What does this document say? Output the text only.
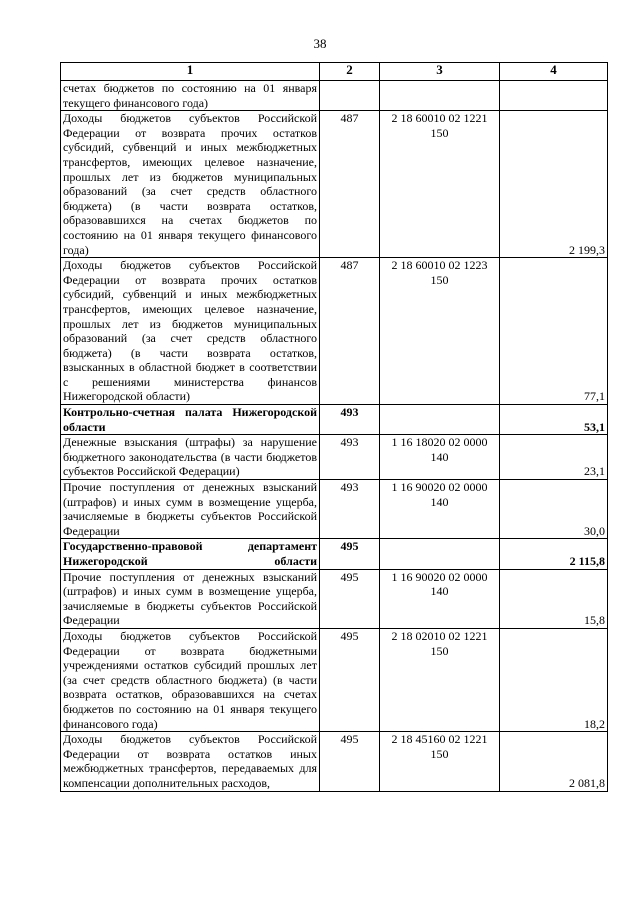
38
1	2	3	4
счетах бюджетов по состоянию на 01 января текущего финансового года)			
Доходы бюджетов субъектов Российской Федерации от возврата прочих остатков субсидий, субвенций и иных межбюджетных трансфертов, имеющих целевое назначение, прошлых лет из бюджетов муниципальных образований (за счет средств областного бюджета) (в части возврата остатков, образовавшихся на счетах бюджетов по состоянию на 01 января текущего финансового года)	487	2 18 60010 02 1221 150	2 199,3
Доходы бюджетов субъектов Российской Федерации от возврата прочих остатков субсидий, субвенций и иных межбюджетных трансфертов, имеющих целевое назначение, прошлых лет из бюджетов муниципальных образований (за счет средств областного бюджета) (в части возврата остатков, взысканных в областной бюджет в соответствии с решениями министерства финансов Нижегородской области)	487	2 18 60010 02 1223 150	77,1
Контрольно-счетная палата Нижегородской области	493		53,1
Денежные взыскания (штрафы) за нарушение бюджетного законодательства (в части бюджетов субъектов Российской Федерации)	493	1 16 18020 02 0000 140	23,1
Прочие поступления от денежных взысканий (штрафов) и иных сумм в возмещение ущерба, зачисляемые в бюджеты субъектов Российской Федерации	493	1 16 90020 02 0000 140	30,0
Государственно-правовой департамент Нижегородской области	495		2 115,8
Прочие поступления от денежных взысканий (штрафов) и иных сумм в возмещение ущерба, зачисляемые в бюджеты субъектов Российской Федерации	495	1 16 90020 02 0000 140	15,8
Доходы бюджетов субъектов Российской Федерации от возврата бюджетными учреждениями остатков субсидий прошлых лет (за счет средств областного бюджета) (в части возврата остатков, образовавшихся на счетах бюджетов по состоянию на 01 января текущего финансового года)	495	2 18 02010 02 1221 150	18,2
Доходы бюджетов субъектов Российской Федерации от возврата остатков иных межбюджетных трансфертов, передаваемых для компенсации дополнительных расходов,	495	2 18 45160 02 1221 150	2 081,8
